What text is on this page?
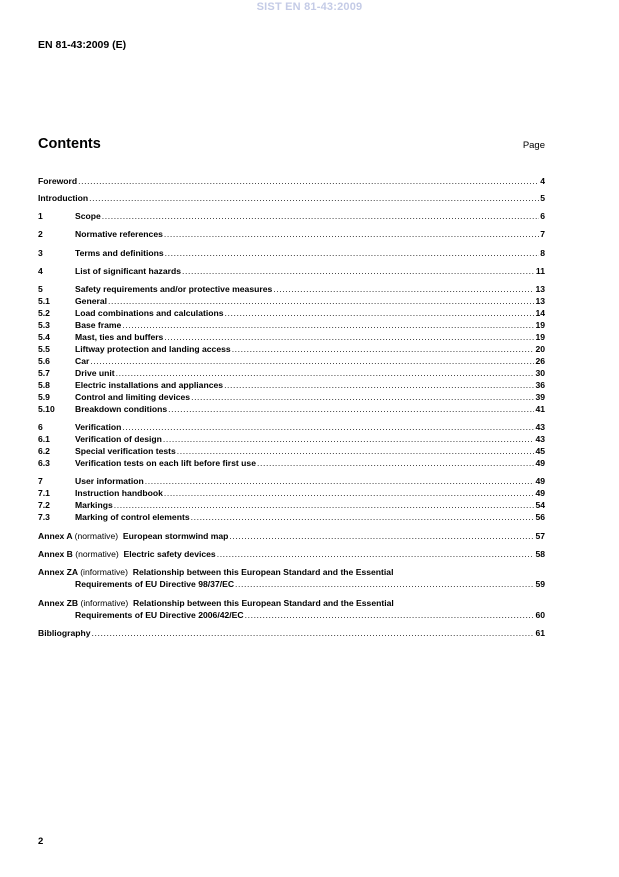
SIST EN 81-43:2009
EN 81-43:2009 (E)
Contents	Page
Foreword .....	4
Introduction .....	5
1	Scope .....	6
2	Normative references .....	7
3	Terms and definitions .....	8
4	List of significant hazards .....	11
5	Safety requirements and/or protective measures .....	13
5.1	General .....	13
5.2	Load combinations and calculations .....	14
5.3	Base frame .....	19
5.4	Mast, ties and buffers .....	19
5.5	Liftway protection and landing access .....	20
5.6	Car .....	26
5.7	Drive unit .....	30
5.8	Electric installations and appliances .....	36
5.9	Control and limiting devices .....	39
5.10	Breakdown conditions .....	41
6	Verification .....	43
6.1	Verification of design .....	43
6.2	Special verification tests .....	45
6.3	Verification tests on each lift before first use .....	49
7	User information .....	49
7.1	Instruction handbook .....	49
7.2	Markings .....	54
7.3	Marking of control elements .....	56
Annex A (normative) European stormwind map .....	57
Annex B (normative) Electric safety devices .....	58
Annex ZA (informative) Relationship between this European Standard and the Essential
Requirements of EU Directive 98/37/EC .....	59
Annex ZB (informative) Relationship between this European Standard and the Essential
Requirements of EU Directive 2006/42/EC .....	60
Bibliography .....	61
2
